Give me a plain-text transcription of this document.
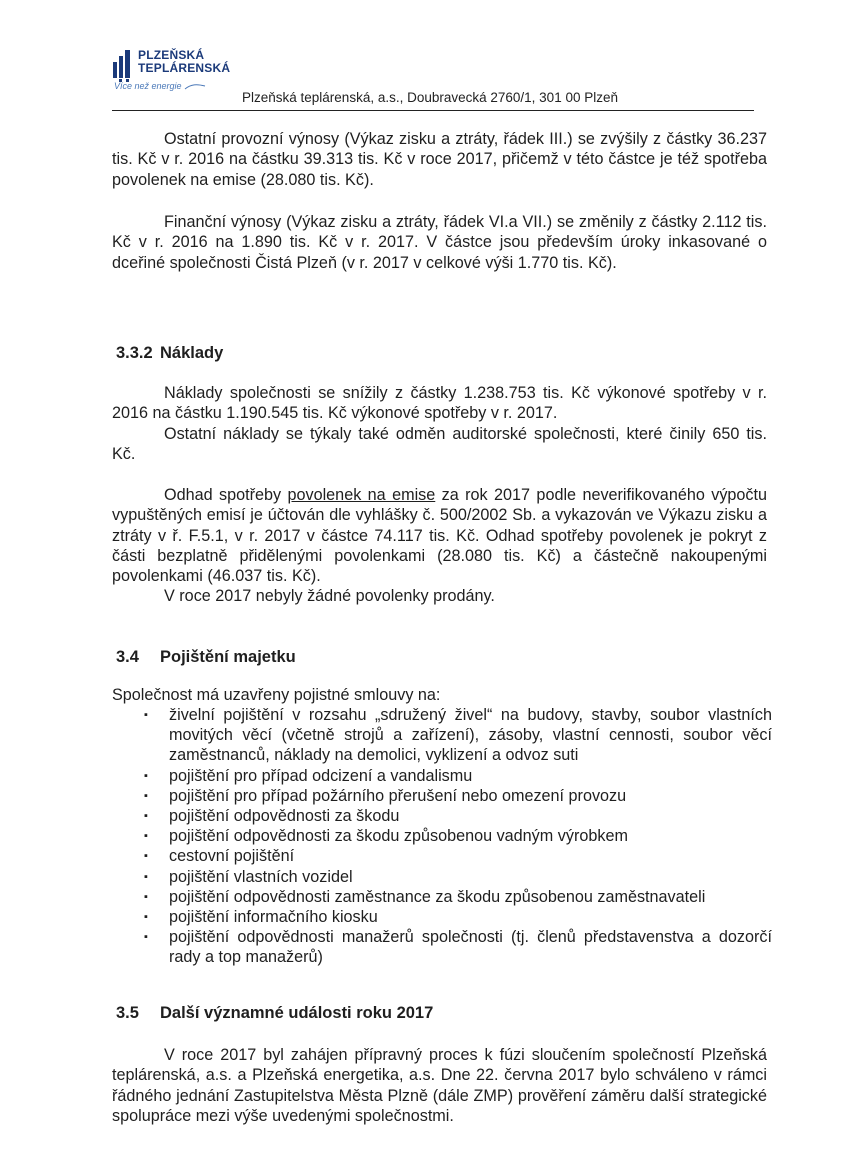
PLZEŇSKÁ
TEPLÁRENSKÁ
Více než energie
Plzeňská teplárenská, a.s., Doubravecká 2760/1, 301 00 Plzeň

Ostatní provozní výnosy (Výkaz zisku a ztráty, řádek III.) se zvýšily z částky 36.237 tis. Kč v r. 2016 na částku 39.313 tis. Kč v roce 2017, přičemž v této částce je též spotřeba povolenek na emise (28.080 tis. Kč).

Finanční výnosy (Výkaz zisku a ztráty, řádek VI.a VII.) se změnily z částky 2.112 tis. Kč v r. 2016 na 1.890 tis. Kč v r. 2017. V částce jsou především úroky inkasované o dceřiné společnosti Čistá Plzeň (v r. 2017 v celkové výši 1.770 tis. Kč).

3.3.2 Náklady

Náklady společnosti se snížily z částky 1.238.753 tis. Kč výkonové spotřeby v r. 2016 na částku 1.190.545 tis. Kč výkonové spotřeby v r. 2017.

Ostatní náklady se týkaly také odměn auditorské společnosti, které činily 650 tis. Kč.

Odhad spotřeby povolenek na emise za rok 2017 podle neverifikovaného výpočtu vypuštěných emisí je účtován dle vyhlášky č. 500/2002 Sb. a vykazován ve Výkazu zisku a ztráty v ř. F.5.1, v r. 2017 v částce 74.117 tis. Kč. Odhad spotřeby povolenek je pokryt z části bezplatně přidělenými povolenkami (28.080 tis. Kč) a částečně nakoupenými povolenkami (46.037 tis. Kč).

V roce 2017 nebyly žádné povolenky prodány.

3.4 Pojištění majetku

Společnost má uzavřeny pojistné smlouvy na:

▪ živelní pojištění v rozsahu „sdružený živel“ na budovy, stavby, soubor vlastních movitých věcí (včetně strojů a zařízení), zásoby, vlastní cennosti, soubor věcí zaměstnanců, náklady na demolici, vyklizení a odvoz suti
▪ pojištění pro případ odcizení a vandalismu
▪ pojištění pro případ požárního přerušení nebo omezení provozu
▪ pojištění odpovědnosti za škodu
▪ pojištění odpovědnosti za škodu způsobenou vadným výrobkem
▪ cestovní pojištění
▪ pojištění vlastních vozidel
▪ pojištění odpovědnosti zaměstnance za škodu způsobenou zaměstnavateli
▪ pojištění informačního kiosku
▪ pojištění odpovědnosti manažerů společnosti (tj. členů představenstva a dozorčí rady a top manažerů)
3.5 Další významné události roku 2017

V roce 2017 byl zahájen přípravný proces k fúzi sloučením společností Plzeňská teplárenská, a.s. a Plzeňská energetika, a.s. Dne 22. června 2017 bylo schváleno v rámci řádného jednání Zastupitelstva Města Plzně (dále ZMP) prověření záměru další strategické spolupráce mezi výše uvedenými společnostmi.
